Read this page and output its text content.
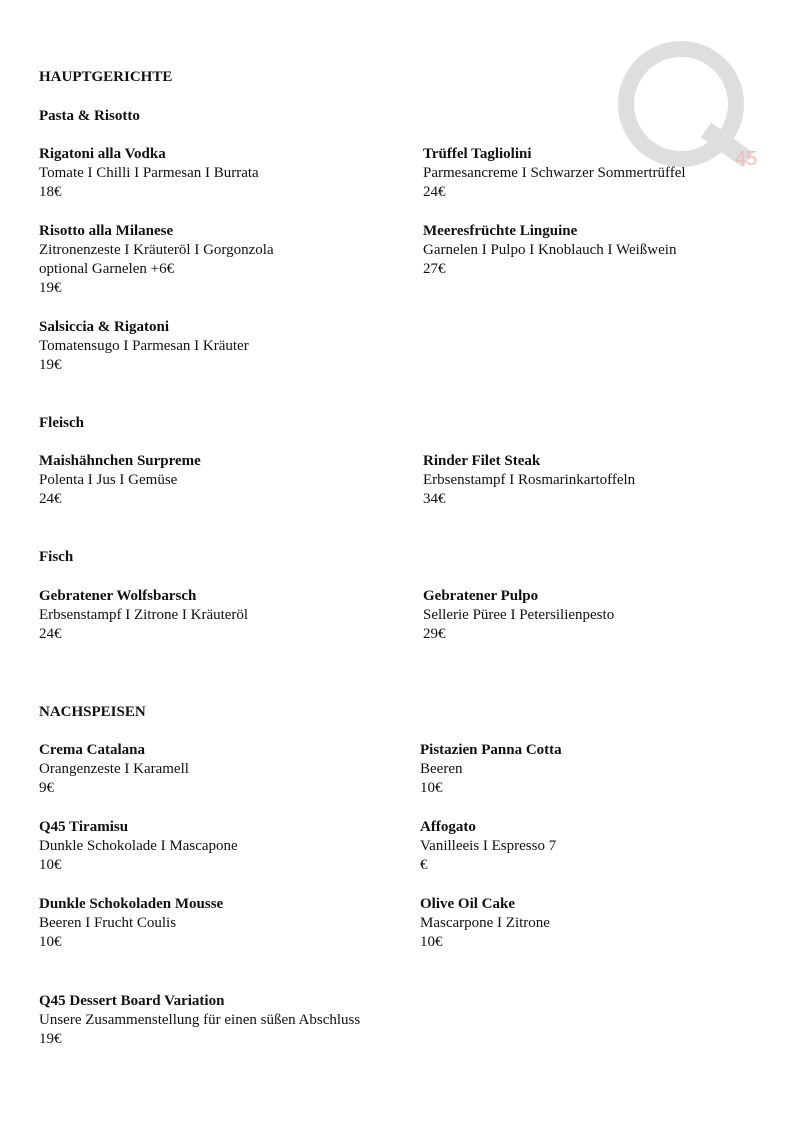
45
HAUPTGERICHTE
Pasta & Risotto
Rigatoni alla Vodka
Tomate I Chilli I Parmesan I Burrata
18€
Risotto alla Milanese
Zitronenzeste I Kräuteröl I Gorgonzola
optional Garnelen +6€
19€
Salsiccia & Rigatoni
Tomatensugo I Parmesan I Kräuter
19€
Trüffel Tagliolini
Parmesancreme I Schwarzer Sommertrüffel
24€
Meeresfrüchte Linguine
Garnelen I Pulpo I Knoblauch I Weißwein
27€
Fleisch
Maishähnchen Surpreme
Polenta I Jus I Gemüse
24€
Rinder Filet Steak
Erbsenstampf I Rosmarinkartoffeln
34€
Fisch
Gebratener Wolfsbarsch
Erbsenstampf I Zitrone I Kräuteröl
24€
Gebratener Pulpo
Sellerie Püree I Petersilienpesto
29€
NACHSPEISEN
Crema Catalana
Orangenzeste I Karamell
9€
Q45 Tiramisu
Dunkle Schokolade I Mascapone
10€
Dunkle Schokoladen Mousse
Beeren I Frucht Coulis
10€
Pistazien Panna Cotta
Beeren
10€
Affogato
Vanilleeis I Espresso 7
€
Olive Oil Cake
Mascarpone I Zitrone
10€
Q45 Dessert Board Variation
Unsere Zusammenstellung für einen süßen Abschluss
19€
